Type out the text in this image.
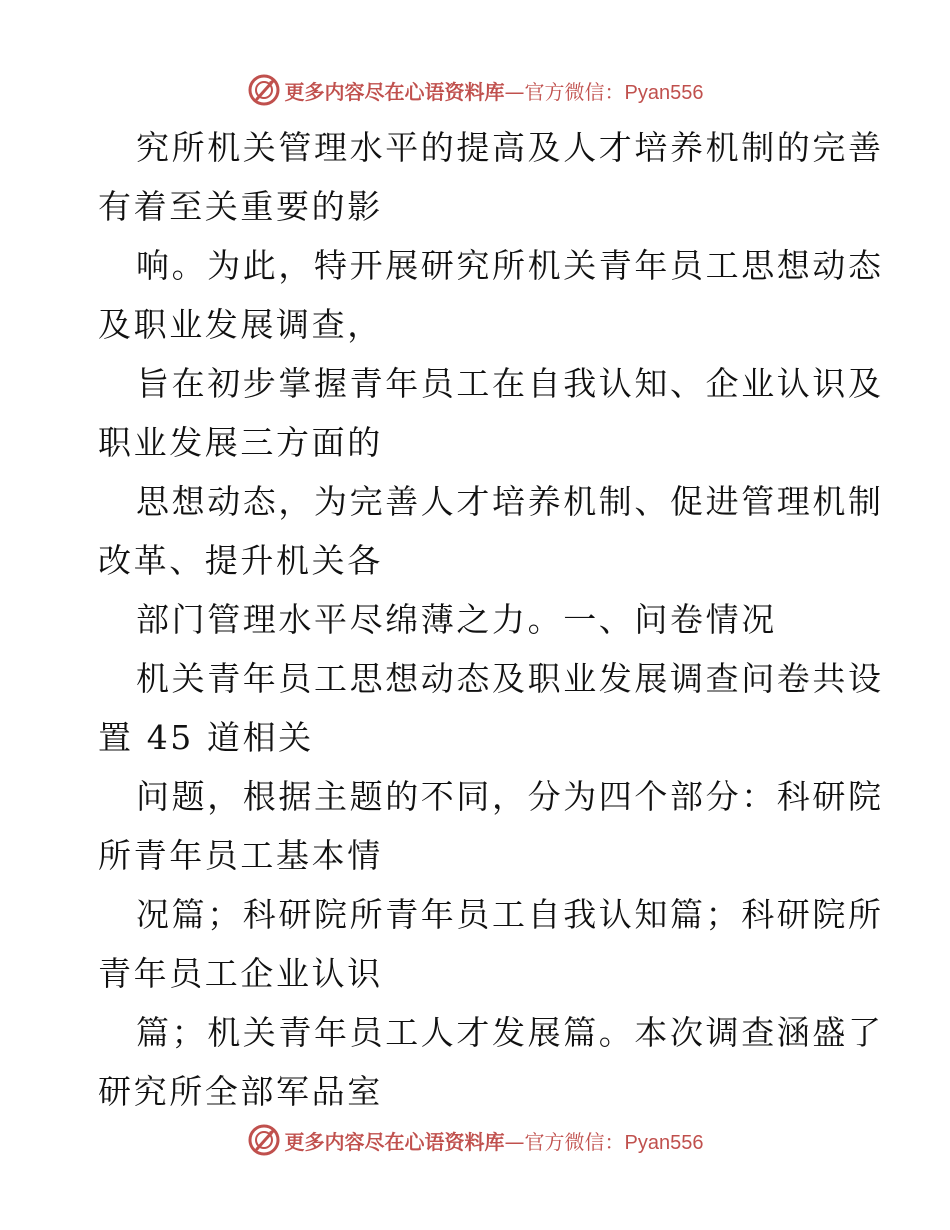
更多内容尽在心语资料库—官方微信：Pyan556
究所机关管理水平的提高及人才培养机制的完善
有着至关重要的影
响。为此，特开展研究所机关青年员工思想动态
及职业发展调查，
旨在初步掌握青年员工在自我认知、企业认识及
职业发展三方面的
思想动态，为完善人才培养机制、促进管理机制
改革、提升机关各
部门管理水平尽绵薄之力。一、问卷情况
机关青年员工思想动态及职业发展调查问卷共设
置 45 道相关
问题，根据主题的不同，分为四个部分：科研院
所青年员工基本情
况篇；科研院所青年员工自我认知篇；科研院所
青年员工企业认识
篇；机关青年员工人才发展篇。本次调查涵盛了
研究所全部军品室
更多内容尽在心语资料库—官方微信：Pyan556
